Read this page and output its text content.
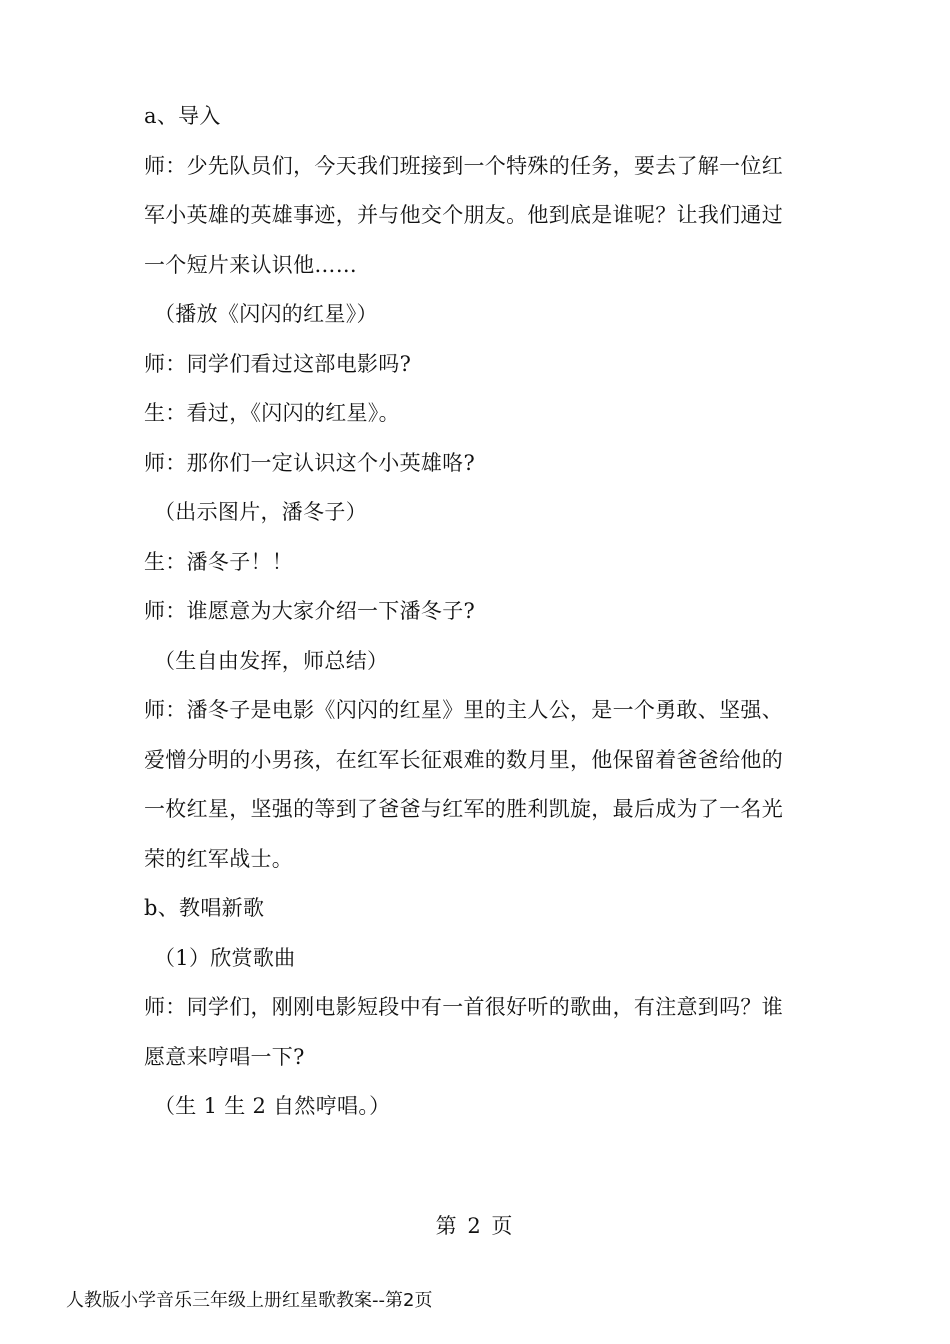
a、导入
师：少先队员们，今天我们班接到一个特殊的任务，要去了解一位红
军小英雄的英雄事迹，并与他交个朋友。他到底是谁呢？让我们通过
一个短片来认识他……
（播放《闪闪的红星》）
师：同学们看过这部电影吗?
生：看过，《闪闪的红星》。
师：那你们一定认识这个小英雄咯?
（出示图片，潘冬子）
生：潘冬子！！
师：谁愿意为大家介绍一下潘冬子?
（生自由发挥，师总结）
师：潘冬子是电影《闪闪的红星》里的主人公，是一个勇敢、坚强、
爱憎分明的小男孩，在红军长征艰难的数月里，他保留着爸爸给他的
一枚红星，坚强的等到了爸爸与红军的胜利凯旋，最后成为了一名光
荣的红军战士。
b、教唱新歌
（1）欣赏歌曲
师：同学们，刚刚电影短段中有一首很好听的歌曲，有注意到吗？谁
愿意来哼唱一下?
（生 1 生 2 自然哼唱。）
第 2 页
人教版小学音乐三年级上册红星歌教案--第2页
